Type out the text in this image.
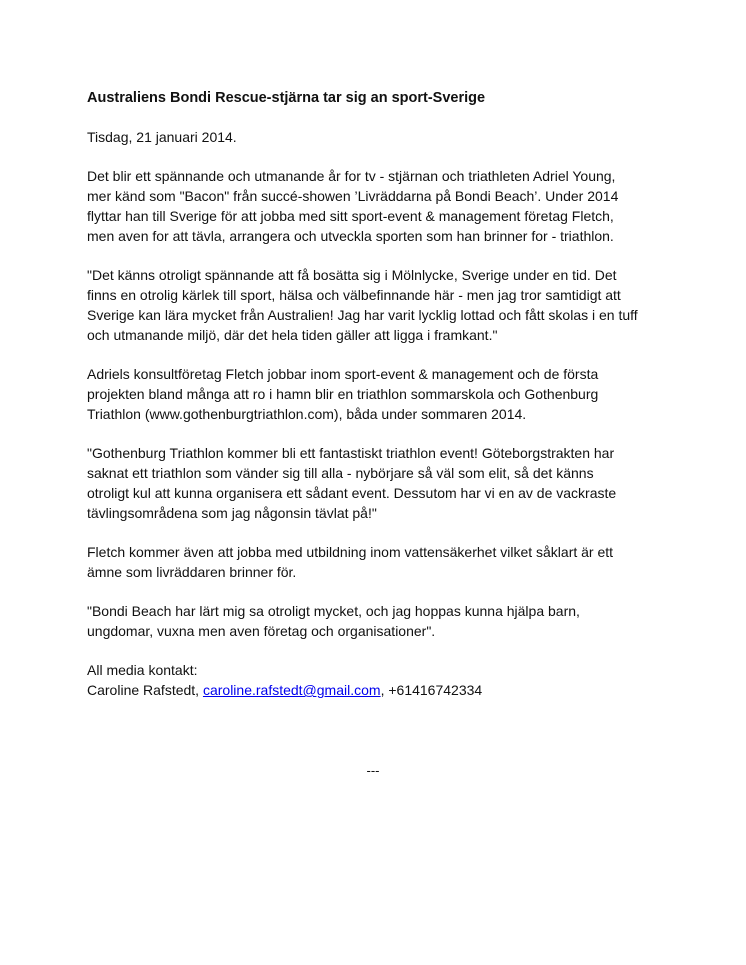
Australiens Bondi Rescue-stjärna tar sig an sport-Sverige

Tisdag, 21 januari 2014.

Det blir ett spännande och utmanande år for tv - stjärnan och triathleten Adriel Young,
mer känd som "Bacon" från succé-showen ’Livräddarna på Bondi Beach’. Under 2014
flyttar han till Sverige för att jobba med sitt sport-event & management företag Fletch,
men aven for att tävla, arrangera och utveckla sporten som han brinner for - triathlon.

"Det känns otroligt spännande att få bosätta sig i Mölnlycke, Sverige under en tid. Det
finns en otrolig kärlek till sport, hälsa och välbefinnande här - men jag tror samtidigt att
Sverige kan lära mycket från Australien! Jag har varit lycklig lottad och fått skolas i en tuff
och utmanande miljö, där det hela tiden gäller att ligga i framkant."

Adriels konsultföretag Fletch jobbar inom sport-event & management och de första
projekten bland många att ro i hamn blir en triathlon sommarskola och Gothenburg
Triathlon (www.gothenburgtriathlon.com), båda under sommaren 2014.

"Gothenburg Triathlon kommer bli ett fantastiskt triathlon event! Göteborgstrakten har
saknat ett triathlon som vänder sig till alla - nybörjare så väl som elit, så det känns
otroligt kul att kunna organisera ett sådant event. Dessutom har vi en av de vackraste
tävlingsområdena som jag någonsin tävlat på!"

Fletch kommer även att jobba med utbildning inom vattensäkerhet vilket såklart är ett
ämne som livräddaren brinner för.

"Bondi Beach har lärt mig sa otroligt mycket, och jag hoppas kunna hjälpa barn,
ungdomar, vuxna men aven företag och organisationer".

All media kontakt:

Caroline Rafstedt, caroline.rafstedt@gmail.com, +61416742334

---
